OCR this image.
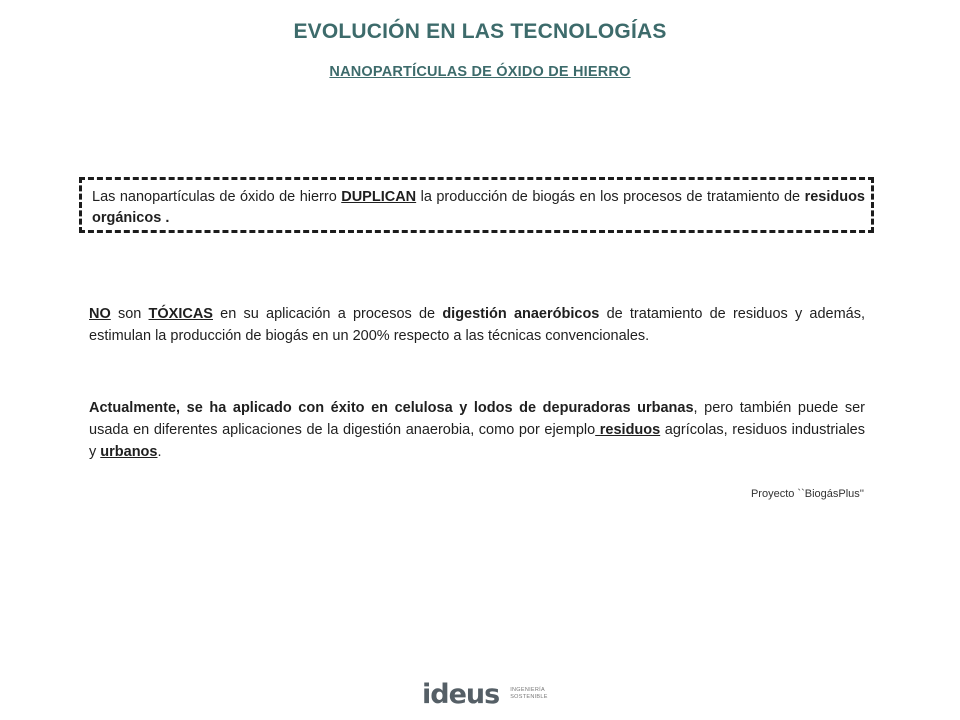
EVOLUCIÓN EN LAS TECNOLOGÍAS
NANOPARTÍCULAS DE ÓXIDO DE HIERRO

Las nanopartículas de óxido de hierro DUPLICAN la producción de biogás en los procesos de tratamiento de residuos orgánicos .

NO son TÓXICAS en su aplicación a procesos de digestión anaeróbicos de tratamiento de residuos y además, estimulan la producción de biogás en un 200% respecto a las técnicas convencionales.

Actualmente, se ha aplicado con éxito en celulosa y lodos de depuradoras urbanas, pero también puede ser usada en diferentes aplicaciones de la digestión anaerobia, como por ejemplo residuos agrícolas, residuos industriales y urbanos.

Proyecto ``BiogásPlus''
ideus INGENIERÍA
SOSTENIBLE
